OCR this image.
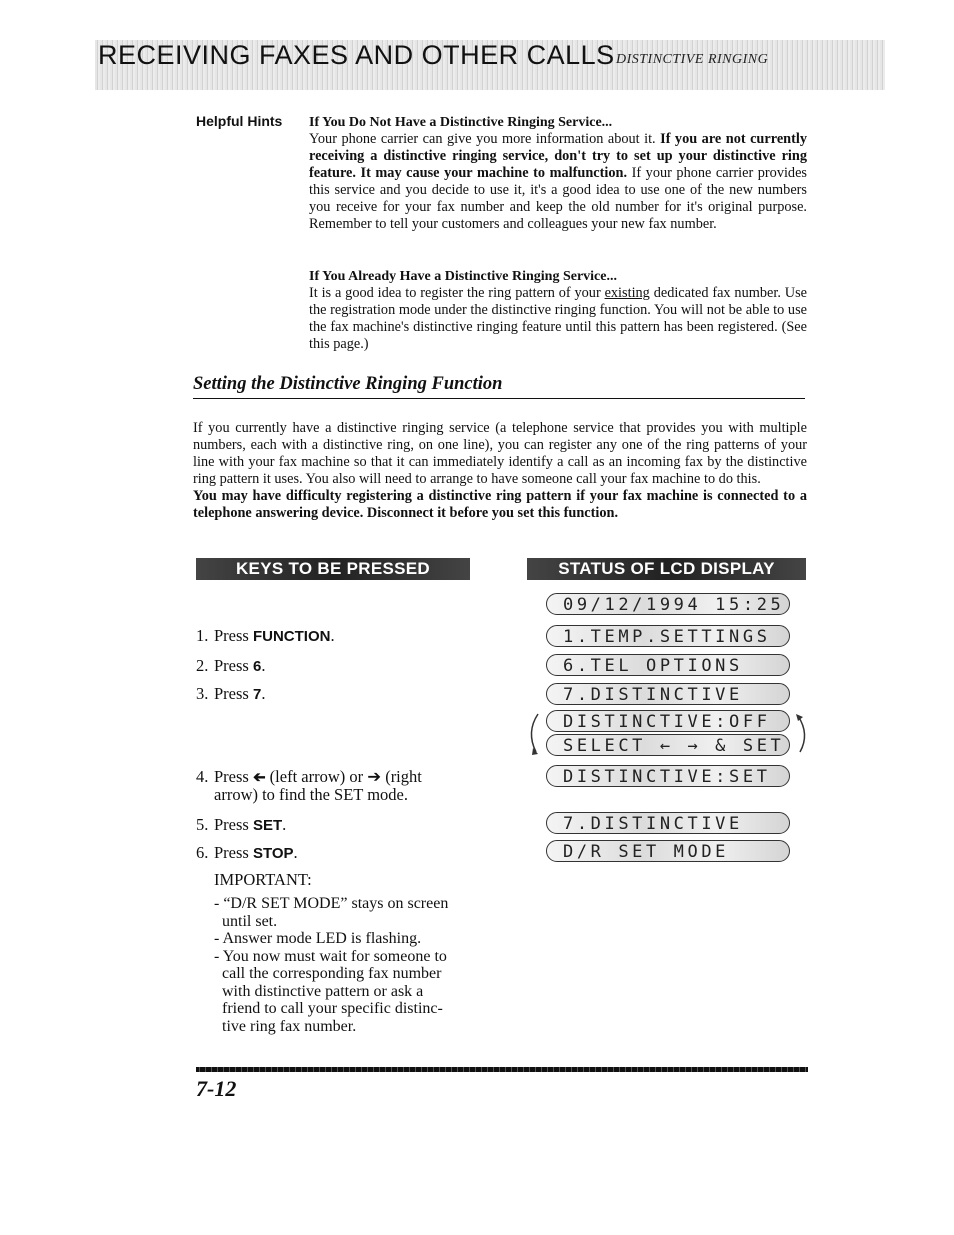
RECEIVING FAXES AND OTHER CALLS DISTINCTIVE RINGING
Helpful Hints If You Do Not Have a Distinctive Ringing Service...
Your phone carrier can give you more information about it. If you are not currently receiving a distinctive ringing service, don't try to set up your distinctive ring feature. It may cause your machine to malfunction. If your phone carrier provides this service and you decide to use it, it's a good idea to use one of the new numbers you receive for your fax number and keep the old number for it's original purpose. Remember to tell your customers and colleagues your new fax number.
If You Already Have a Distinctive Ringing Service...
It is a good idea to register the ring pattern of your existing dedicated fax number. Use the registration mode under the distinctive ringing function. You will not be able to use the fax machine's distinctive ringing feature until this pattern has been registered. (See this page.)
Setting the Distinctive Ringing Function
If you currently have a distinctive ringing service (a telephone service that provides you with multiple numbers, each with a distinctive ring, on one line), you can register any one of the ring patterns of your line with your fax machine so that it can immediately identify a call as an incoming fax by the distinctive ring pattern it uses. You also will need to arrange to have someone call your fax machine to do this.
You may have difficulty registering a distinctive ring pattern if your fax machine is connected to a telephone answering device. Disconnect it before you set this function.
KEYS TO BE PRESSED	STATUS OF LCD DISPLAY
1. Press FUNCTION.
2. Press 6.
3. Press 7.
4. Press ➔ (left arrow) or ➔ (right
arrow) to find the SET mode.
5. Press SET.
6. Press STOP.
IMPORTANT:
- “D/R SET MODE” stays on screen
until set.
- Answer mode LED is flashing.
- You now must wait for someone to
call the corresponding fax number
with distinctive pattern or ask a
friend to call your specific distinc-
tive ring fax number.
09/12/1994 15:25
1.TEMP.SETTINGS
6.TEL OPTIONS
7.DISTINCTIVE
DISTINCTIVE:OFF
SELECT ← → & SET
DISTINCTIVE:SET
7.DISTINCTIVE
D/R SET MODE
7-12
